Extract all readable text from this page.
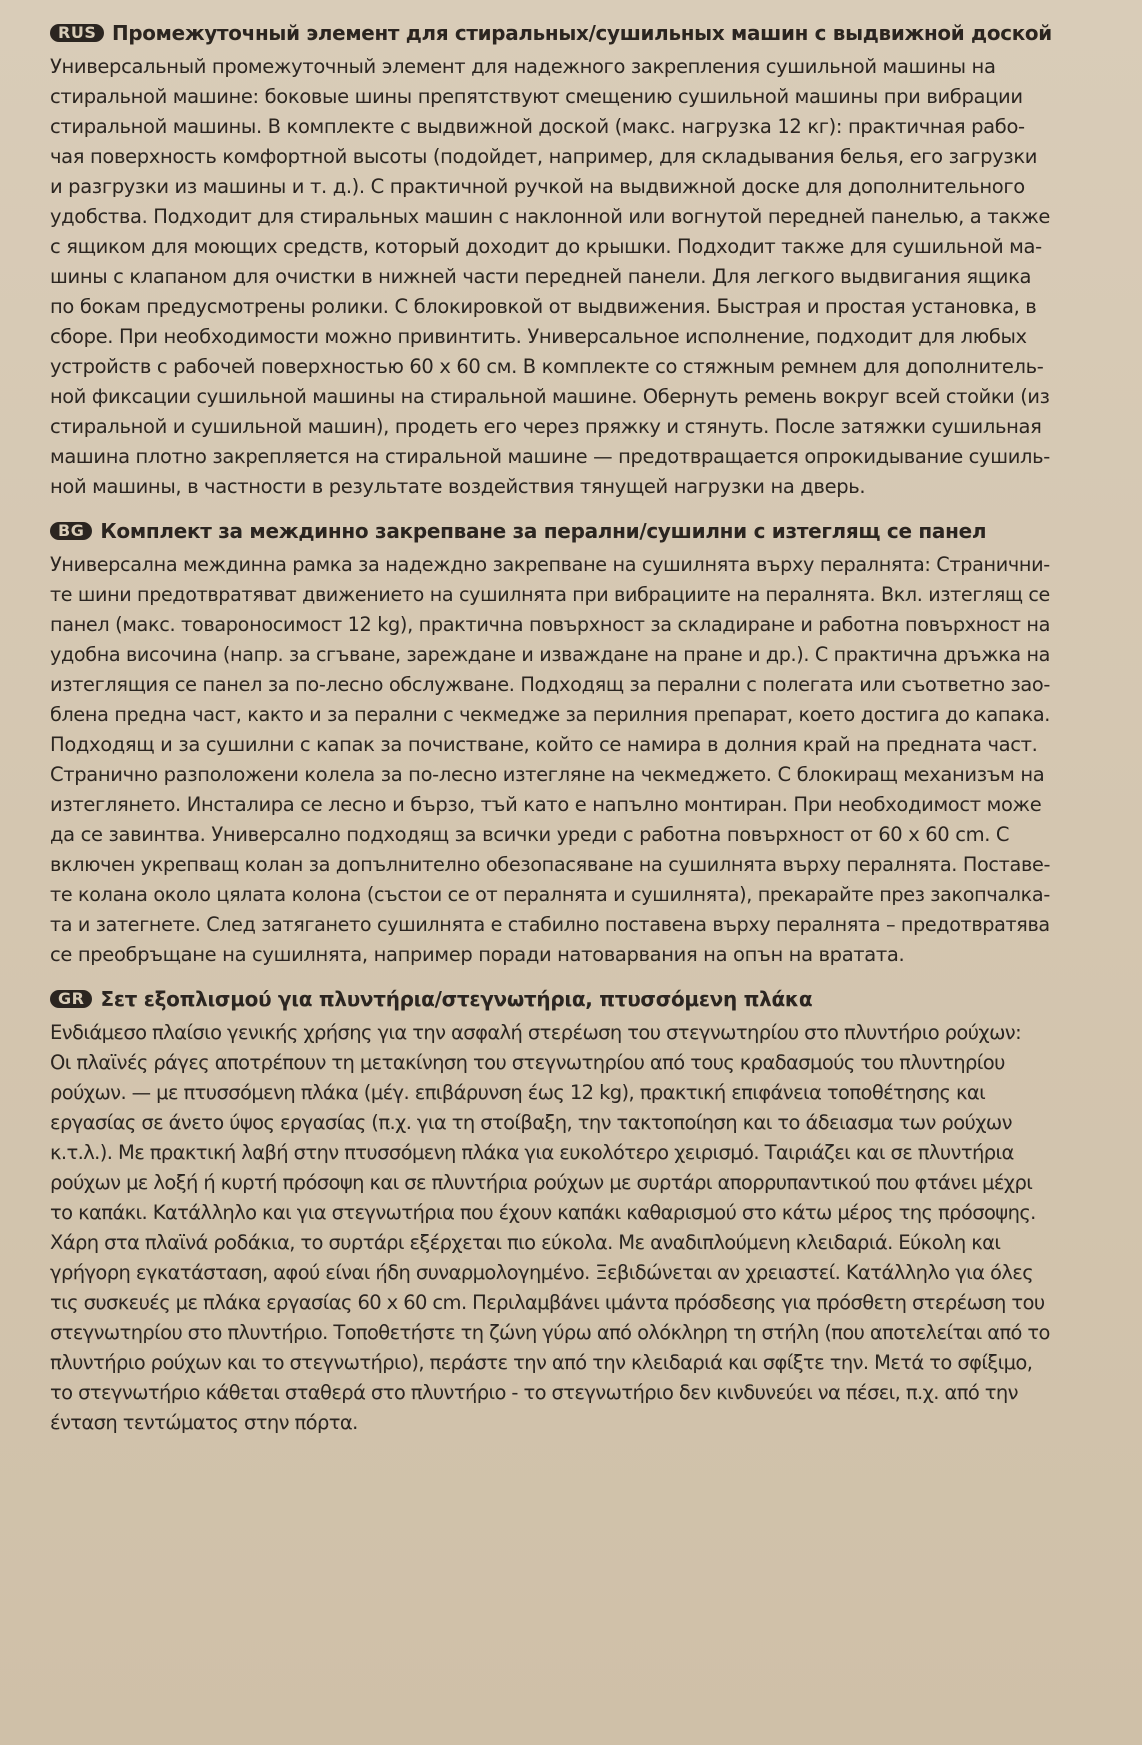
RUS Промежуточный элемент для стиральных/сушильных машин с выдвижной доской
Универсальный промежуточный элемент для надежного закрепления сушильной машины на
стиральной машине: боковые шины препятствуют смещению сушильной машины при вибрации
стиральной машины. В комплекте с выдвижной доской (макс. нагрузка 12 кг): практичная рабо-
чая поверхность комфортной высоты (подойдет, например, для складывания белья, его загрузки
и разгрузки из машины и т. д.). С практичной ручкой на выдвижной доске для дополнительного
удобства. Подходит для стиральных машин с наклонной или вогнутой передней панелью, а также
с ящиком для моющих средств, который доходит до крышки. Подходит также для сушильной ма-
шины с клапаном для очистки в нижней части передней панели. Для легкого выдвигания ящика
по бокам предусмотрены ролики. С блокировкой от выдвижения. Быстрая и простая установка, в
сборе. При необходимости можно привинтить. Универсальное исполнение, подходит для любых
устройств с рабочей поверхностью 60 х 60 см. В комплекте со стяжным ремнем для дополнитель-
ной фиксации сушильной машины на стиральной машине. Обернуть ремень вокруг всей стойки (из
стиральной и сушильной машин), продеть его через пряжку и стянуть. После затяжки сушильная
машина плотно закрепляется на стиральной машине — предотвращается опрокидывание сушиль-
ной машины, в частности в результате воздействия тянущей нагрузки на дверь.
BG Комплект за междинно закрепване за перални/сушилни с изтеглящ се панел
Универсална междинна рамка за надеждно закрепване на сушилнята върху пералнята: Странични-
те шини предотвратяват движението на сушилнята при вибрациите на пералнята. Вкл. изтеглящ се
панел (макс. товароносимост 12 kg), практична повърхност за складиране и работна повърхност на
удобна височина (напр. за сгъване, зареждане и изваждане на пране и др.). С практична дръжка на
изтеглящия се панел за по-лесно обслужване. Подходящ за перални с полегата или съответно зао-
блена предна част, както и за перални с чекмедже за перилния препарат, което достига до капака.
Подходящ и за сушилни с капак за почистване, който се намира в долния край на предната част.
Странично разположени колела за по-лесно изтегляне на чекмеджето. С блокиращ механизъм на
изтеглянето. Инсталира се лесно и бързо, тъй като е напълно монтиран. При необходимост може
да се завинтва. Универсално подходящ за всички уреди с работна повърхност от 60 x 60 cm. С
включен укрепващ колан за допълнително обезопасяване на сушилнята върху пералнята. Поставе-
те колана около цялата колона (състои се от пералнята и сушилнята), прекарайте през закопчалка-
та и затегнете. След затягането сушилнята е стабилно поставена върху пералнята – предотвратява
се преобръщане на сушилнята, например поради натоварвания на опън на вратата.
GR Σετ εξοπλισμού για πλυντήρια/στεγνωτήρια, πτυσσόμενη πλάκα
Ενδιάμεσο πλαίσιο γενικής χρήσης για την ασφαλή στερέωση του στεγνωτηρίου στο πλυντήριο ρούχων:
Οι πλαϊνές ράγες αποτρέπουν τη μετακίνηση του στεγνωτηρίου από τους κραδασμούς του πλυντηρίου
ρούχων. — με πτυσσόμενη πλάκα (μέγ. επιβάρυνση έως 12 kg), πρακτική επιφάνεια τοποθέτησης και
εργασίας σε άνετο ύψος εργασίας (π.χ. για τη στοίβαξη, την τακτοποίηση και το άδειασμα των ρούχων
κ.τ.λ.). Με πρακτική λαβή στην πτυσσόμενη πλάκα για ευκολότερο χειρισμό. Ταιριάζει και σε πλυντήρια
ρούχων με λοξή ή κυρτή πρόσοψη και σε πλυντήρια ρούχων με συρτάρι απορρυπαντικού που φτάνει μέχρι
το καπάκι. Κατάλληλο και για στεγνωτήρια που έχουν καπάκι καθαρισμού στο κάτω μέρος της πρόσοψης.
Χάρη στα πλαϊνά ροδάκια, το συρτάρι εξέρχεται πιο εύκολα. Με αναδιπλούμενη κλειδαριά. Εύκολη και
γρήγορη εγκατάσταση, αφού είναι ήδη συναρμολογημένο. Ξεβιδώνεται αν χρειαστεί. Κατάλληλο για όλες
τις συσκευές με πλάκα εργασίας 60 x 60 cm. Περιλαμβάνει ιμάντα πρόσδεσης για πρόσθετη στερέωση του
στεγνωτηρίου στο πλυντήριο. Τοποθετήστε τη ζώνη γύρω από ολόκληρη τη στήλη (που αποτελείται από το
πλυντήριο ρούχων και το στεγνωτήριο), περάστε την από την κλειδαριά και σφίξτε την. Μετά το σφίξιμο,
το στεγνωτήριο κάθεται σταθερά στο πλυντήριο - το στεγνωτήριο δεν κινδυνεύει να πέσει, π.χ. από την
ένταση τεντώματος στην πόρτα.
